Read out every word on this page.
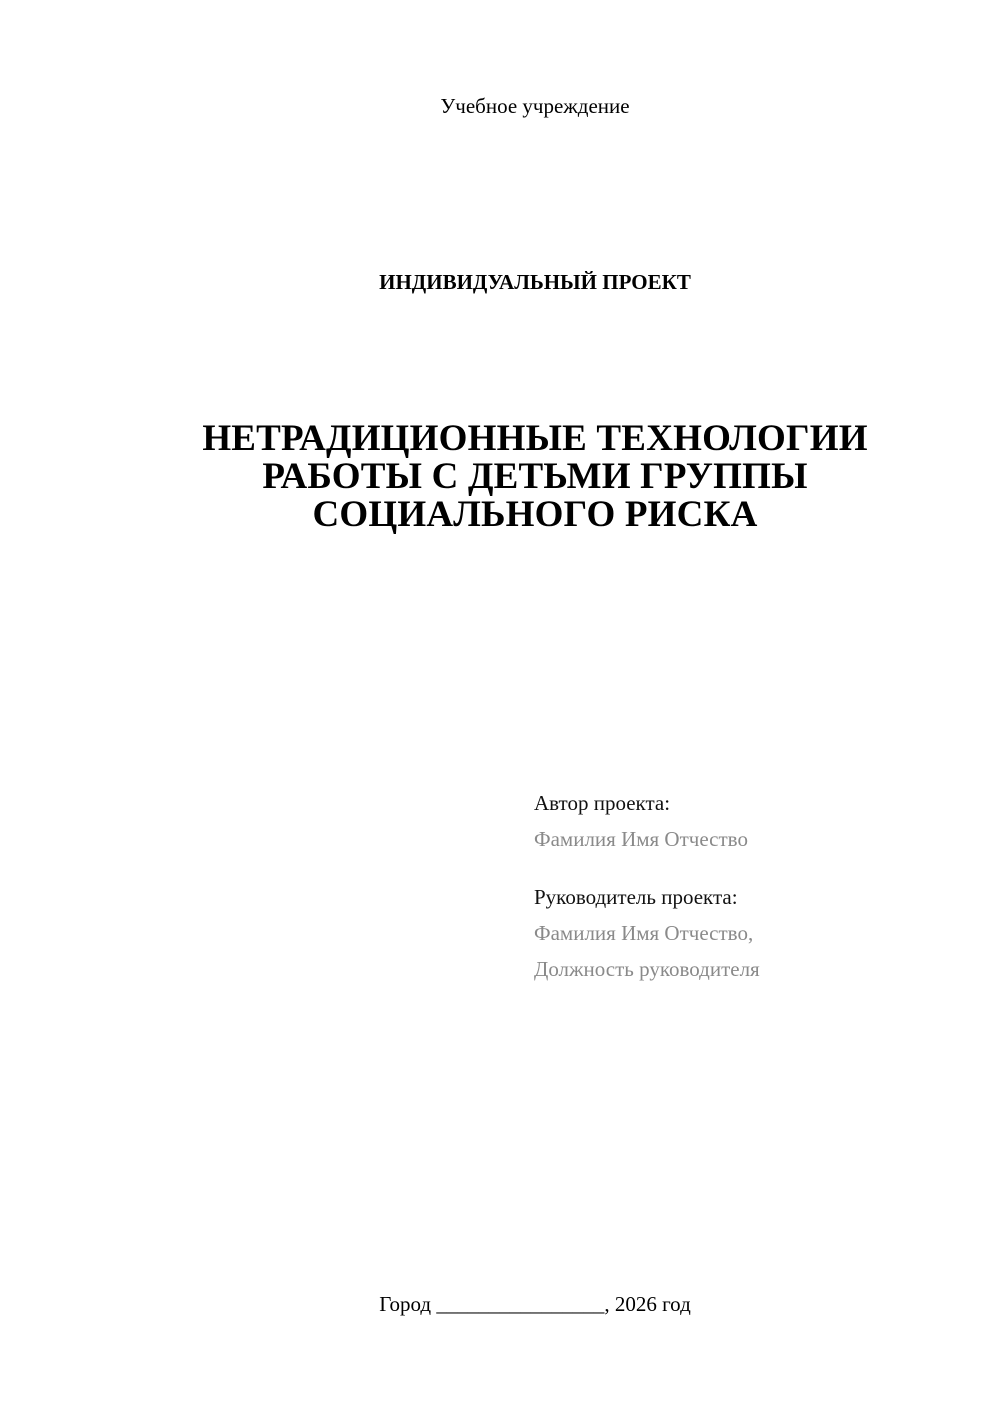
Учебное учреждение
ИНДИВИДУАЛЬНЫЙ ПРОЕКТ
НЕТРАДИЦИОННЫЕ ТЕХНОЛОГИИ
РАБОТЫ С ДЕТЬМИ ГРУППЫ
СОЦИАЛЬНОГО РИСКА
Автор проекта:
Фамилия Имя Отчество
Руководитель проекта:
Фамилия Имя Отчество,
Должность руководителя
Город ________________, 2026 год
